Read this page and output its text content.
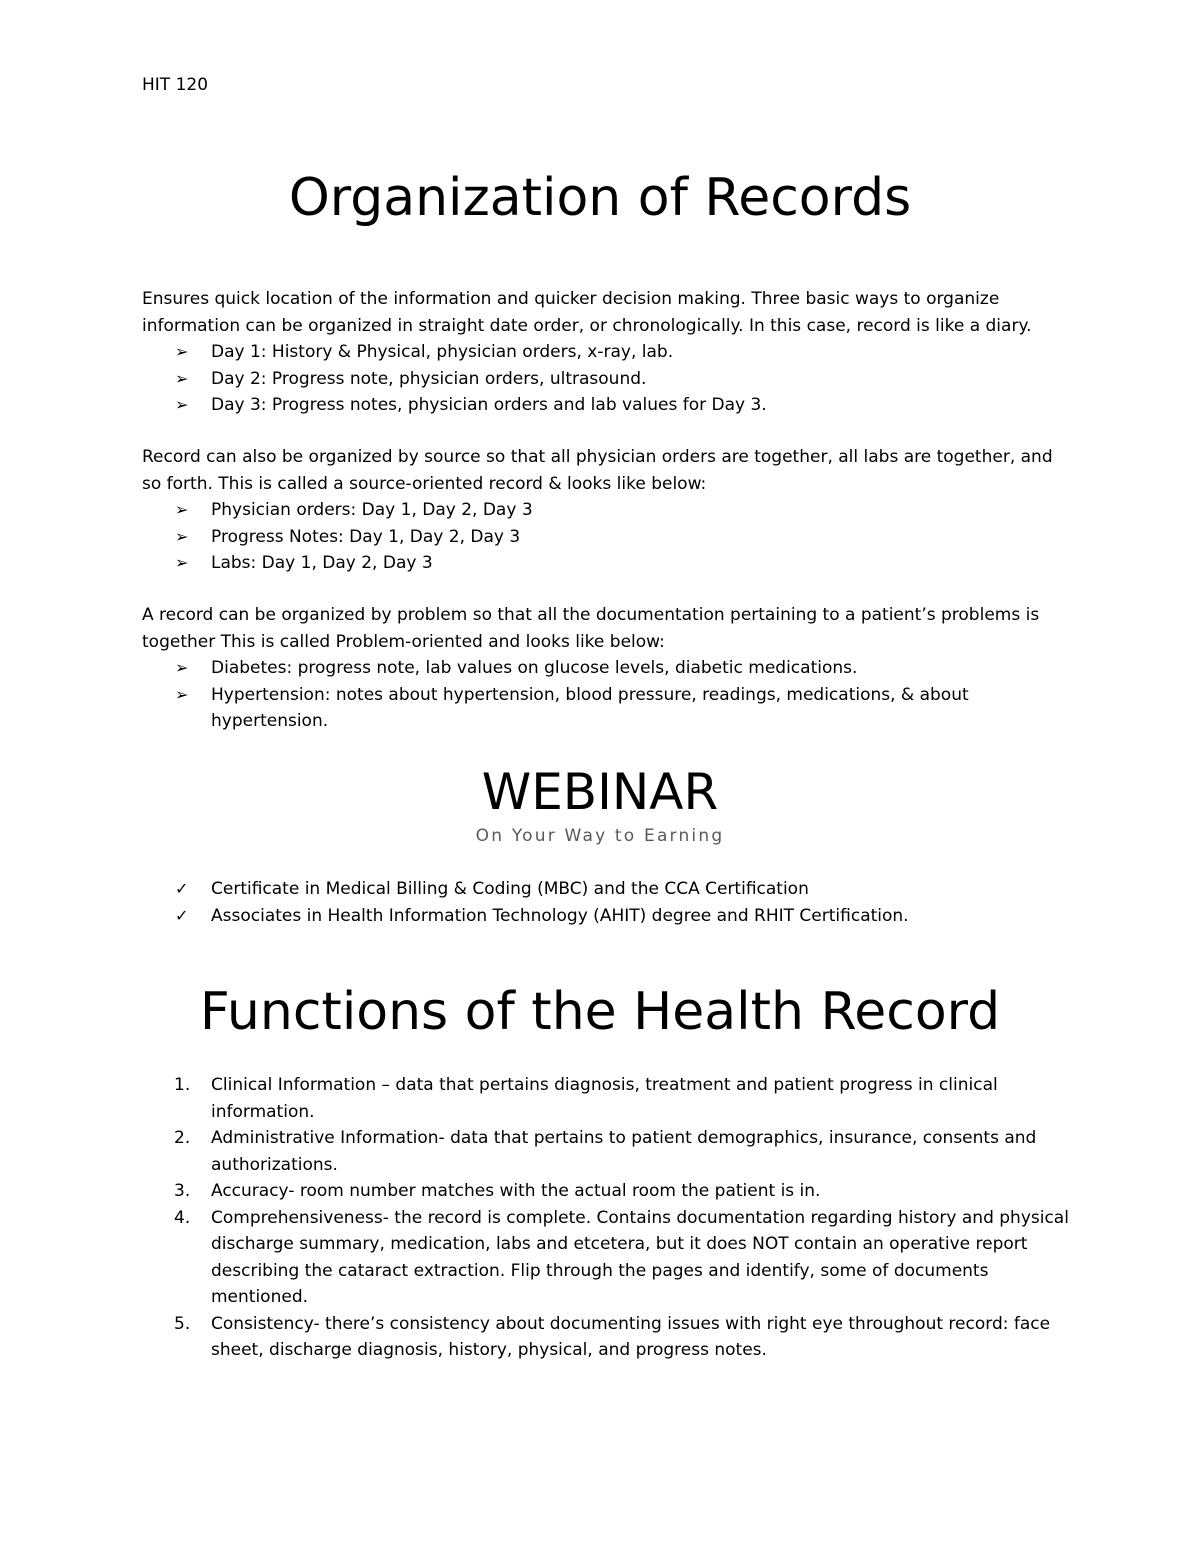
HIT 120
Organization of Records

Ensures quick location of the information and quicker decision making. Three basic ways to organize information can be organized in straight date order, or chronologically. In this case, record is like a diary.

➢	Day 1: History & Physical, physician orders, x-ray, lab.
➢	Day 2: Progress note, physician orders, ultrasound.
➢	Day 3: Progress notes, physician orders and lab values for Day 3.

Record can also be organized by source so that all physician orders are together, all labs are together, and so forth. This is called a source-oriented record & looks like below:

➢	Physician orders: Day 1, Day 2, Day 3
➢	Progress Notes: Day 1, Day 2, Day 3
➢	Labs: Day 1, Day 2, Day 3

A record can be organized by problem so that all the documentation pertaining to a patient’s problems is together This is called Problem-oriented and looks like below:

➢	Diabetes: progress note, lab values on glucose levels, diabetic medications.
➢	Hypertension: notes about hypertension, blood pressure, readings, medications, & about hypertension.
WEBINAR
On Your Way to Earning
✓	Certificate in Medical Billing & Coding (MBC) and the CCA Certification
✓	Associates in Health Information Technology (AHIT) degree and RHIT Certification.
Functions of the Health Record
1. Clinical Information – data that pertains diagnosis, treatment and patient progress in clinical information.
2. Administrative Information- data that pertains to patient demographics, insurance, consents and authorizations.
3. Accuracy- room number matches with the actual room the patient is in.
4. Comprehensiveness- the record is complete. Contains documentation regarding history and physical discharge summary, medication, labs and etcetera, but it does NOT contain an operative report describing the cataract extraction. Flip through the pages and identify, some of documents mentioned.
5. Consistency- there’s consistency about documenting issues with right eye throughout record: face sheet, discharge diagnosis, history, physical, and progress notes.
